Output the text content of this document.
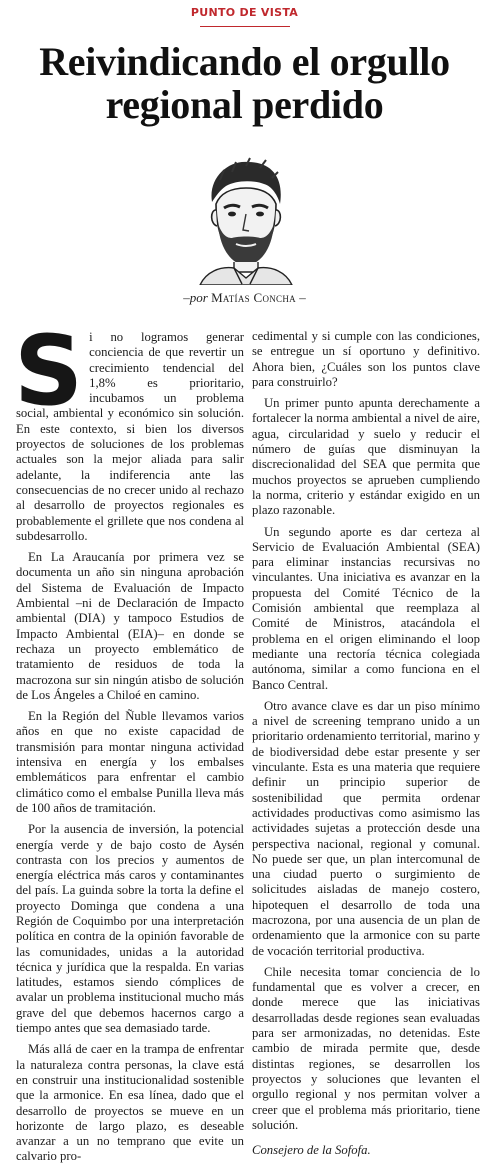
PUNTO DE VISTA
Reivindicando el orgullo
regional perdido
–por Matías Concha –

Si no logramos generar conciencia de que revertir un crecimiento tendencial del 1,8% es prioritario, incubamos un problema social, ambiental y económico sin solución. En este contexto, si bien los diversos proyectos de soluciones de los problemas actuales son la mejor aliada para salir adelante, la indiferencia ante las consecuencias de no crecer unido al rechazo al desarrollo de proyectos regionales es probablemente el grillete que nos condena al subdesarrollo.

En La Araucanía por primera vez se documenta un año sin ninguna aprobación del Sistema de Evaluación de Impacto Ambiental –ni de Declaración de Impacto ambiental (DIA) y tampoco Estudios de Impacto Ambiental (EIA)– en donde se rechaza un proyecto emblemático de tratamiento de residuos de toda la macrozona sur sin ningún atisbo de solución de Los Ángeles a Chiloé en camino.

En la Región del Ñuble llevamos varios años en que no existe capacidad de transmisión para montar ninguna actividad intensiva en energía y los embalses emblemáticos para enfrentar el cambio climático como el embalse Punilla lleva más de 100 años de tramitación.

Por la ausencia de inversión, la potencial energía verde y de bajo costo de Aysén contrasta con los precios y aumentos de energía eléctrica más caros y contaminantes del país. La guinda sobre la torta la define el proyecto Dominga que condena a una Región de Coquimbo por una interpretación política en contra de la opinión favorable de las comunidades, unidas a la autoridad técnica y jurídica que la respalda. En varias latitudes, estamos siendo cómplices de avalar un problema institucional mucho más grave del que debemos hacernos cargo a tiempo antes que sea demasiado tarde.

Más allá de caer en la trampa de enfrentar la naturaleza contra personas, la clave está en construir una institucionalidad sostenible que la armonice. En esa línea, dado que el desarrollo de proyectos se mueve en un horizonte de largo plazo, es deseable avanzar a un no temprano que evite un calvario pro-

cedimental y si cumple con las condiciones, se entregue un sí oportuno y definitivo. Ahora bien, ¿Cuáles son los puntos clave para construirlo?

Un primer punto apunta derechamente a fortalecer la norma ambiental a nivel de aire, agua, circularidad y suelo y reducir el número de guías que disminuyan la discrecionalidad del SEA que permita que muchos proyectos se aprueben cumpliendo la norma, criterio y estándar exigido en un plazo razonable.

Un segundo aporte es dar certeza al Servicio de Evaluación Ambiental (SEA) para eliminar instancias recursivas no vinculantes. Una iniciativa es avanzar en la propuesta del Comité Técnico de la Comisión ambiental que reemplaza al Comité de Ministros, atacándola el problema en el origen eliminando el loop mediante una rectoría técnica colegiada autónoma, similar a como funciona en el Banco Central.

Otro avance clave es dar un piso mínimo a nivel de screening temprano unido a un prioritario ordenamiento territorial, marino y de biodiversidad debe estar presente y ser vinculante. Esta es una materia que requiere definir un principio superior de sostenibilidad que permita ordenar actividades productivas como asimismo las actividades sujetas a protección desde una perspectiva nacional, regional y comunal. No puede ser que, un plan intercomunal de una ciudad puerto o surgimiento de solicitudes aisladas de manejo costero, hipotequen el desarrollo de toda una macrozona, por una ausencia de un plan de ordenamiento que la armonice con su parte de vocación territorial productiva.

Chile necesita tomar conciencia de lo fundamental que es volver a crecer, en donde merece que las iniciativas desarrolladas desde regiones sean evaluadas para ser armonizadas, no detenidas. Este cambio de mirada permite que, desde distintas regiones, se desarrollen los proyectos y soluciones que levanten el orgullo regional y nos permitan volver a creer que el problema más prioritario, tiene solución.

Consejero de la Sofofa.
